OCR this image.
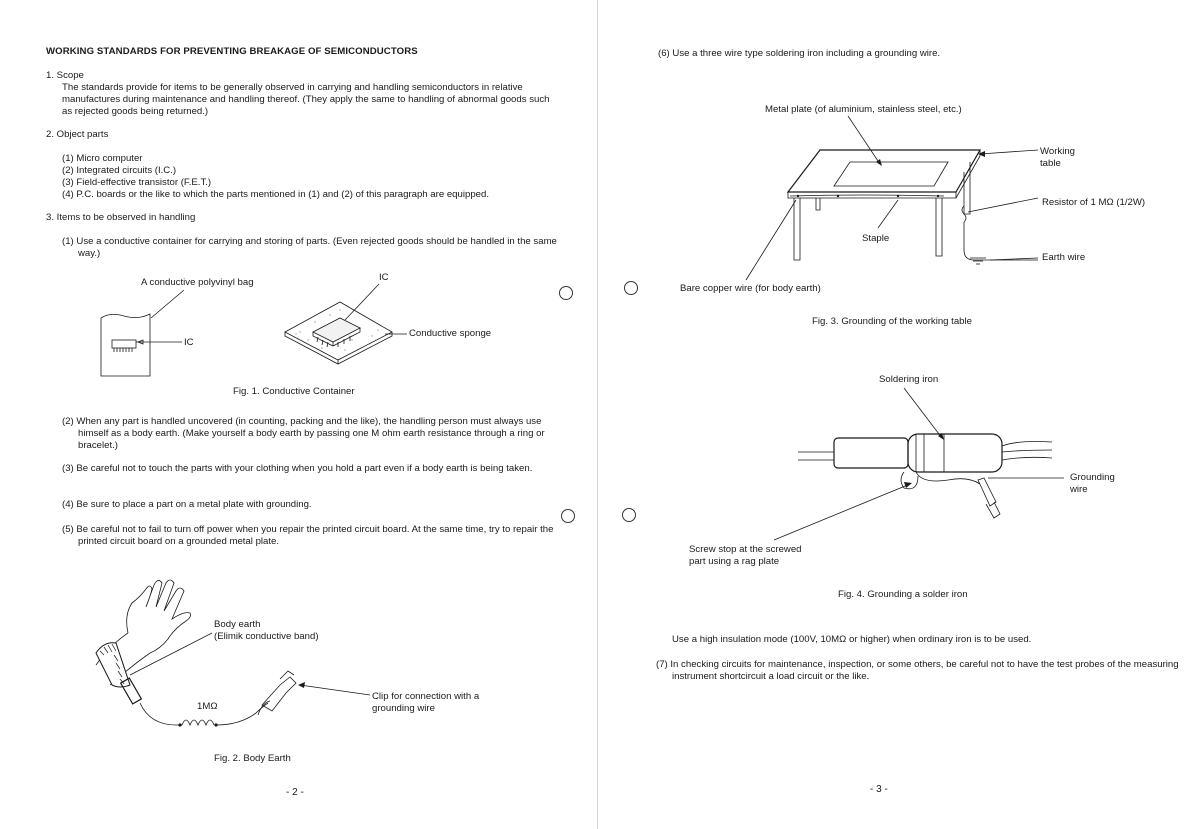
WORKING STANDARDS FOR PREVENTING BREAKAGE OF SEMICONDUCTORS
1. Scope
The standards provide for items to be generally observed in carrying and handling semiconductors in relative manufactures during maintenance and handling thereof. (They apply the same to handling of abnormal goods such as rejected goods being returned.)
2. Object parts
(1) Micro computer
(2) Integrated circuits (I.C.)
(3) Field-effective transistor (F.E.T.)
(4) P.C. boards or the like to which the parts mentioned in (1) and (2) of this paragraph are equipped.
3. Items to be observed in handling
(1) Use a conductive container for carrying and storing of parts. (Even rejected goods should be handled in the same way.)
A conductive polyvinyl bag	IC
IC
Conductive sponge
Fig. 1. Conductive Container
(2) When any part is handled uncovered (in counting, packing and the like), the handling person must always use himself as a body earth. (Make yourself a body earth by passing one M ohm earth resistance through a ring or bracelet.)
(3) Be careful not to touch the parts with your clothing when you hold a part even if a body earth is being taken.
(4) Be sure to place a part on a metal plate with grounding.
(5) Be careful not to fail to turn off power when you repair the printed circuit board. At the same time, try to repair the printed circuit board on a grounded metal plate.
Body earth
(Elimik conductive band)
1MΩ
Clip for connection with a
grounding wire
Fig. 2. Body Earth
- 2 -
(6) Use a three wire type soldering iron including a grounding wire.
Metal plate (of aluminium, stainless steel, etc.)
Working
table
Resistor of 1 MΩ (1/2W)
Staple
Earth wire
Bare copper wire (for body earth)
Fig. 3. Grounding of the working table
Soldering iron
Grounding
wire
Screw stop at the screwed
part using a rag plate
Fig. 4. Grounding a solder iron
Use a high insulation mode (100V, 10MΩ or higher) when ordinary iron is to be used.
(7) In checking circuits for maintenance, inspection, or some others, be careful not to have the test probes of the measuring instrument shortcircuit a load circuit or the like.
- 3 -
